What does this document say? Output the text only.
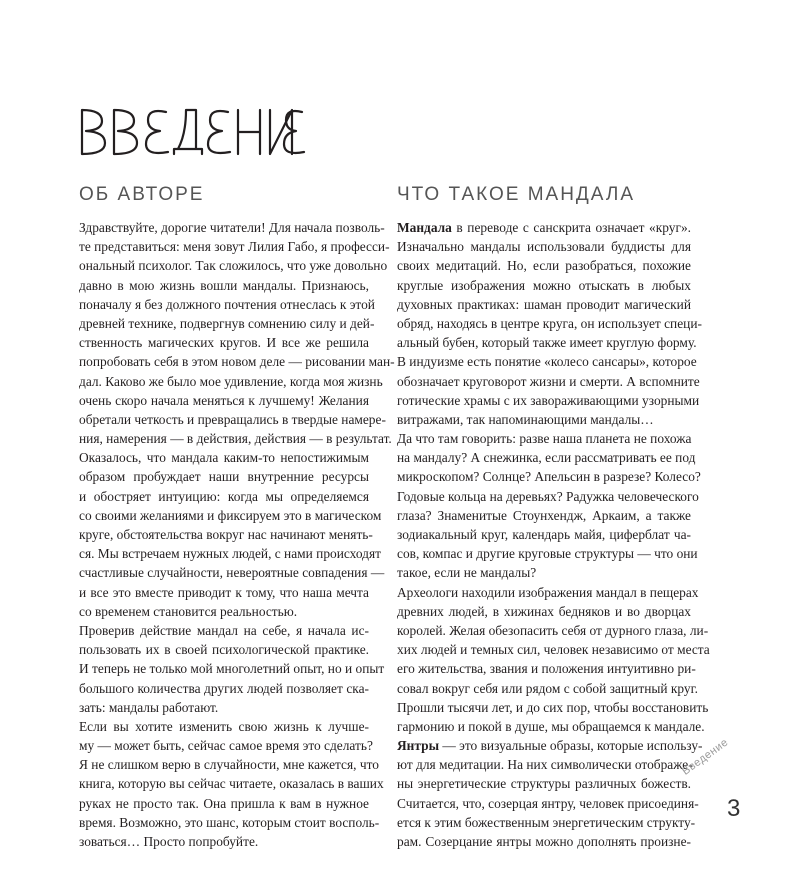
ОБ АВТОРЕ	ЧТО ТАКОЕ МАНДАЛА
Здравствуйте, дорогие читатели! Для начала позволь-
те представиться: меня зовут Лилия Габо, я професси-
ональный психолог. Так сложилось, что уже довольно
давно в мою жизнь вошли мандалы. Признаюсь,
поначалу я без должного почтения отнеслась к этой
древней технике, подвергнув сомнению силу и дей-
ственность магических кругов. И все же решила
попробовать себя в этом новом деле — рисовании ман-
дал. Каково же было мое удивление, когда моя жизнь
очень скоро начала меняться к лучшему! Желания
обретали четкость и превращались в твердые намере-
ния, намерения — в действия, действия — в результат.
Оказалось, что мандала каким-то непостижимым
образом пробуждает наши внутренние ресурсы
и обостряет интуицию: когда мы определяемся
со своими желаниями и фиксируем это в магическом
круге, обстоятельства вокруг нас начинают менять-
ся. Мы встречаем нужных людей, с нами происходят
счастливые случайности, невероятные совпадения —
и все это вместе приводит к тому, что наша мечта
со временем становится реальностью.
Проверив действие мандал на себе, я начала ис-
пользовать их в своей психологической практике.
И теперь не только мой многолетний опыт, но и опыт
большого количества других людей позволяет ска-
зать: мандалы работают.
Если вы хотите изменить свою жизнь к лучше-
му — может быть, сейчас самое время это сделать?
Я не слишком верю в случайности, мне кажется, что
книга, которую вы сейчас читаете, оказалась в ваших
руках не просто так. Она пришла к вам в нужное
время. Возможно, это шанс, которым стоит восполь-
зоваться… Просто попробуйте.
Мандала в переводе с санскрита означает «круг».
Изначально мандалы использовали буддисты для
своих медитаций. Но, если разобраться, похожие
круглые изображения можно отыскать в любых
духовных практиках: шаман проводит магический
обряд, находясь в центре круга, он использует специ-
альный бубен, который также имеет круглую форму.
В индуизме есть понятие «колесо сансары», которое
обозначает круговорот жизни и смерти. А вспомните
готические храмы с их завораживающими узорными
витражами, так напоминающими мандалы…
Да что там говорить: разве наша планета не похожа
на мандалу? А снежинка, если рассматривать ее под
микроскопом? Солнце? Апельсин в разрезе? Колесо?
Годовые кольца на деревьях? Радужка человеческого
глаза? Знаменитые Стоунхендж, Аркаим, а также
зодиакальный круг, календарь майя, циферблат ча-
сов, компас и другие круговые структуры — что они
такое, если не мандалы?
Археологи находили изображения мандал в пещерах
древних людей, в хижинах бедняков и во дворцах
королей. Желая обезопасить себя от дурного глаза, ли-
хих людей и темных сил, человек независимо от места
его жительства, звания и положения интуитивно ри-
совал вокруг себя или рядом с собой защитный круг.
Прошли тысячи лет, и до сих пор, чтобы восстановить
гармонию и покой в душе, мы обращаемся к мандале.
Янтры — это визуальные образы, которые использу-
ют для медитации. На них символически отображе-
ны энергетические структуры различных божеств.
Считается, что, созерцая янтру, человек присоединя-
ется к этим божественным энергетическим структу-
рам. Созерцание янтры можно дополнять произне-
Введение
3
